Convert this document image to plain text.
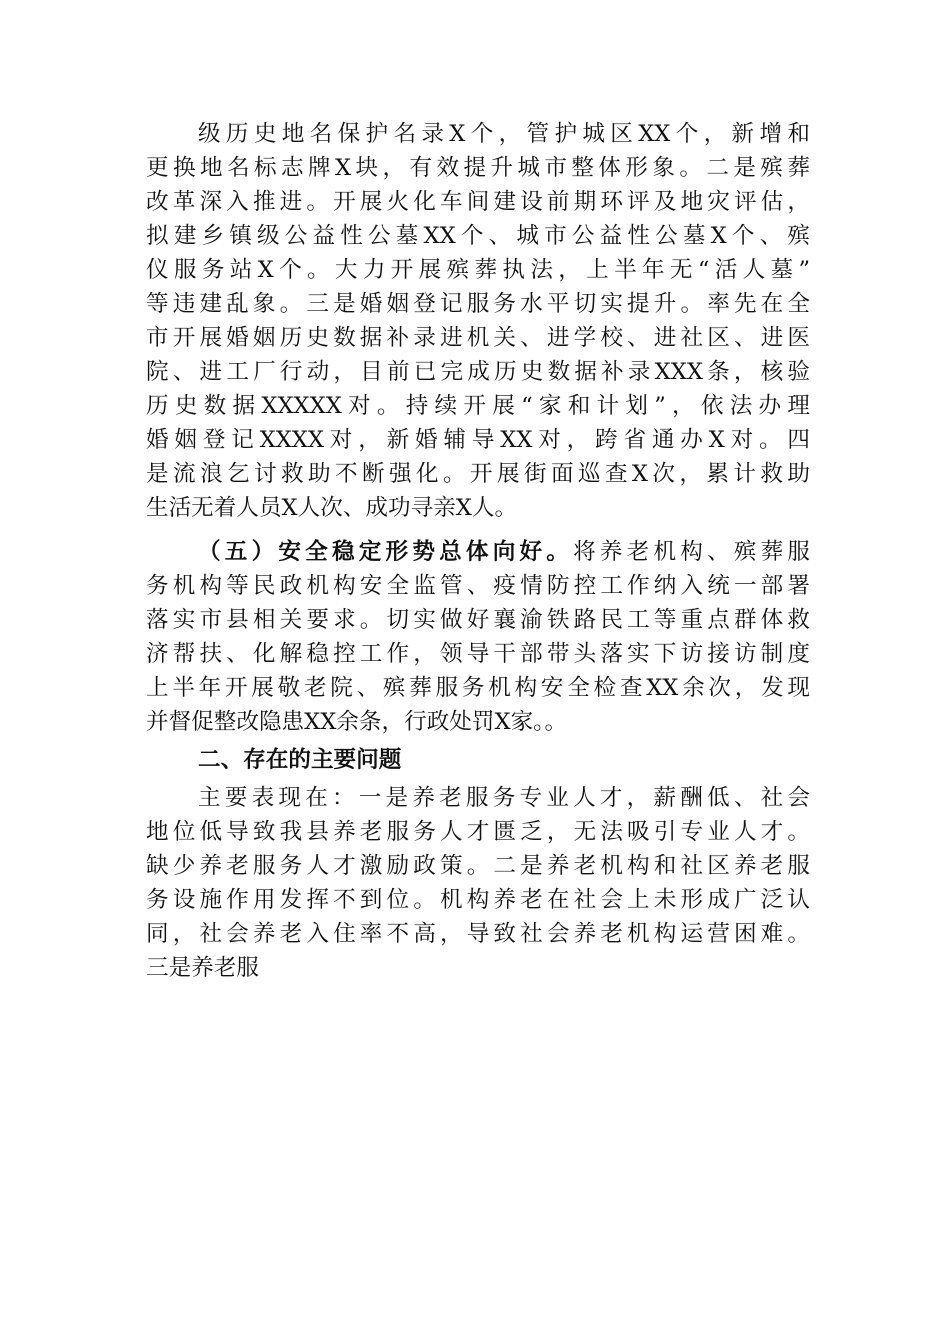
级历史地名保护名录X个，管护城区XX个，新增和
更换地名标志牌X块，有效提升城市整体形象。二是殡葬
改革深入推进。开展火化车间建设前期环评及地灾评估，
拟建乡镇级公益性公墓XX个、城市公益性公墓X个、殡
仪服务站X个。大力开展殡葬执法，上半年无“活人墓”
等违建乱象。三是婚姻登记服务水平切实提升。率先在全
市开展婚姻历史数据补录进机关、进学校、进社区、进医
院、进工厂行动，目前已完成历史数据补录XXX条，核验
历史数据XXXXX对。持续开展“家和计划”，依法办理
婚姻登记XXXX对，新婚辅导XX对，跨省通办X对。四
是流浪乞讨救助不断强化。开展街面巡查X次，累计救助
生活无着人员X人次、成功寻亲X人。
（五）安全稳定形势总体向好。将养老机构、殡葬服
务机构等民政机构安全监管、疫情防控工作纳入统一部署
落实市县相关要求。切实做好襄渝铁路民工等重点群体救
济帮扶、化解稳控工作，领导干部带头落实下访接访制度
上半年开展敬老院、殡葬服务机构安全检查XX余次，发现
并督促整改隐患XX余条，行政处罚X家。。
二、存在的主要问题
主要表现在：一是养老服务专业人才，薪酬低、社会
地位低导致我县养老服务人才匮乏，无法吸引专业人才。
缺少养老服务人才激励政策。二是养老机构和社区养老服
务设施作用发挥不到位。机构养老在社会上未形成广泛认
同，社会养老入住率不高，导致社会养老机构运营困难。
三是养老服
